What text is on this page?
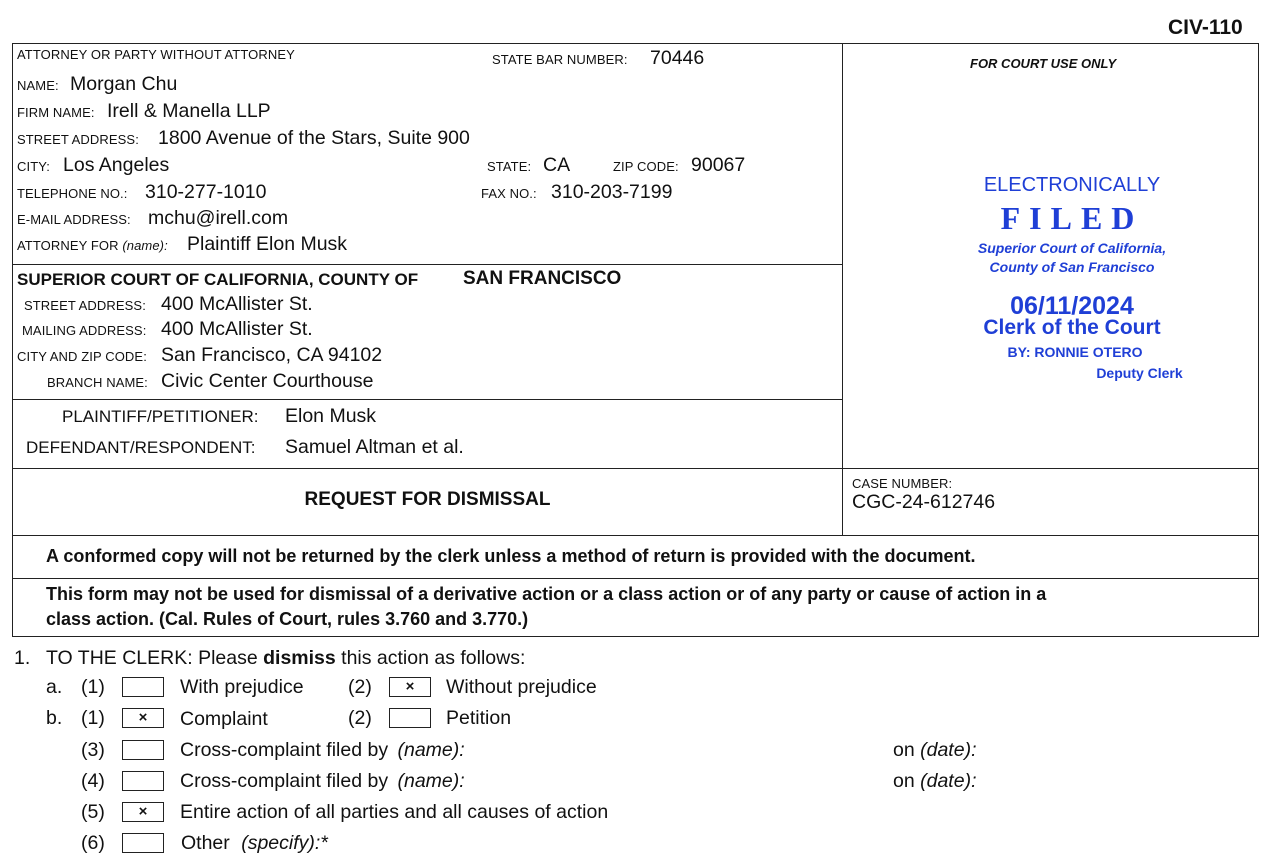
CIV-110
ATTORNEY OR PARTY WITHOUT ATTORNEY	STATE BAR NUMBER: 70446
NAME: Morgan Chu
FIRM NAME: Irell & Manella LLP
STREET ADDRESS: 1800 Avenue of the Stars, Suite 900
CITY: Los Angeles	STATE: CA	ZIP CODE: 90067
TELEPHONE NO.: 310-277-1010	FAX NO.: 310-203-7199
E-MAIL ADDRESS: mchu@irell.com
ATTORNEY FOR (name): Plaintiff Elon Musk
SUPERIOR COURT OF CALIFORNIA, COUNTY OF SAN FRANCISCO
STREET ADDRESS: 400 McAllister St.
MAILING ADDRESS: 400 McAllister St.
CITY AND ZIP CODE: San Francisco, CA 94102
BRANCH NAME: Civic Center Courthouse
PLAINTIFF/PETITIONER: Elon Musk
DEFENDANT/RESPONDENT: Samuel Altman et al.
FOR COURT USE ONLY
ELECTRONICALLY
FILED
Superior Court of California,
County of San Francisco
06/11/2024
Clerk of the Court
BY: RONNIE OTERO
Deputy Clerk
REQUEST FOR DISMISSAL
CASE NUMBER:
CGC-24-612746
A conformed copy will not be returned by the clerk unless a method of return is provided with the document.
This form may not be used for dismissal of a derivative action or a class action or of any party or cause of action in a
class action. (Cal. Rules of Court, rules 3.760 and 3.770.)
1. TO THE CLERK: Please dismiss this action as follows:
a. (1)	With prejudice (2)	×	Without prejudice
b. (1)	×	Complaint	(2)	Petition
(3)	Cross-complaint filed by (name):	on (date):
(4)	Cross-complaint filed by (name):	on (date):
(5)	×	Entire action of all parties and all causes of action
(6)	Other (specify):*
